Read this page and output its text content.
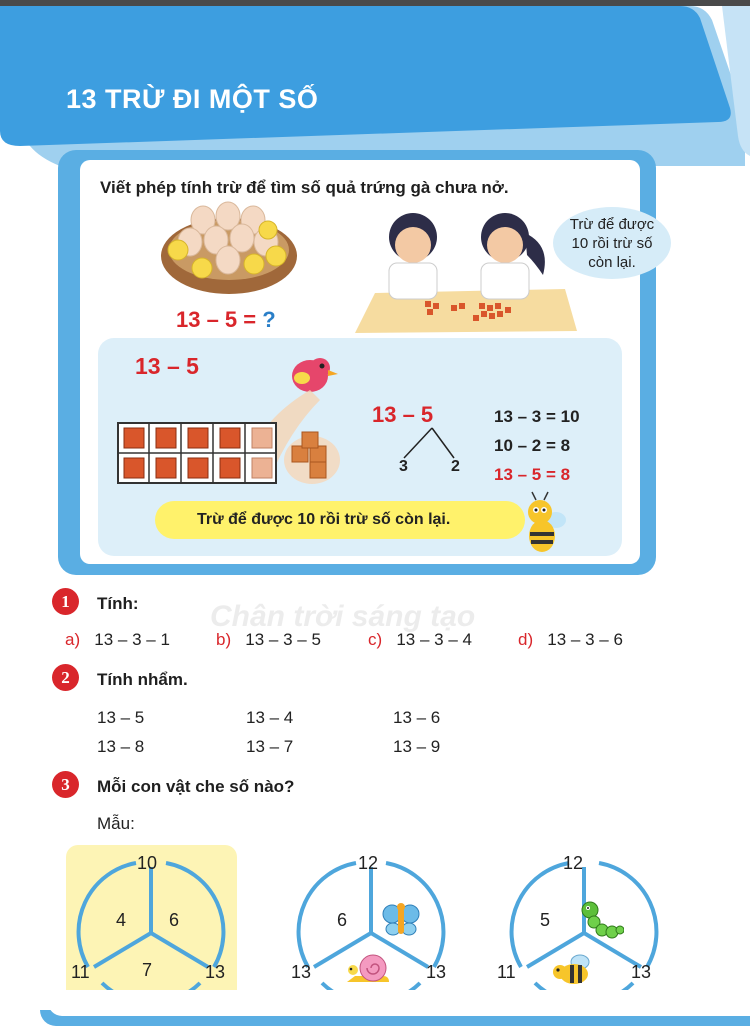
13 TRỪ ĐI MỘT SỐ
Viết phép tính trừ để tìm số quả trứng gà chưa nở.
13 – 5 = ?
Trừ để được 10 rồi trừ số còn lại.
13 – 5
13 – 5
3	2
13 – 3 = 10
10 – 2 = 8
13 – 5 = 8
Trừ để được 10 rồi trừ số còn lại.
Chân trời sáng tạo
1	Tính:
a) 13 – 3 – 1	b) 13 – 3 – 5	c) 13 – 3 – 4	d) 13 – 3 – 6
2	Tính nhẩm.
13 – 5	13 – 4	13 – 6
13 – 8	13 – 7	13 – 9
3	Mỗi con vật che số nào?
Mẫu:
10
11	13
4 6
7
12
13	13
6
12
11	13
5
